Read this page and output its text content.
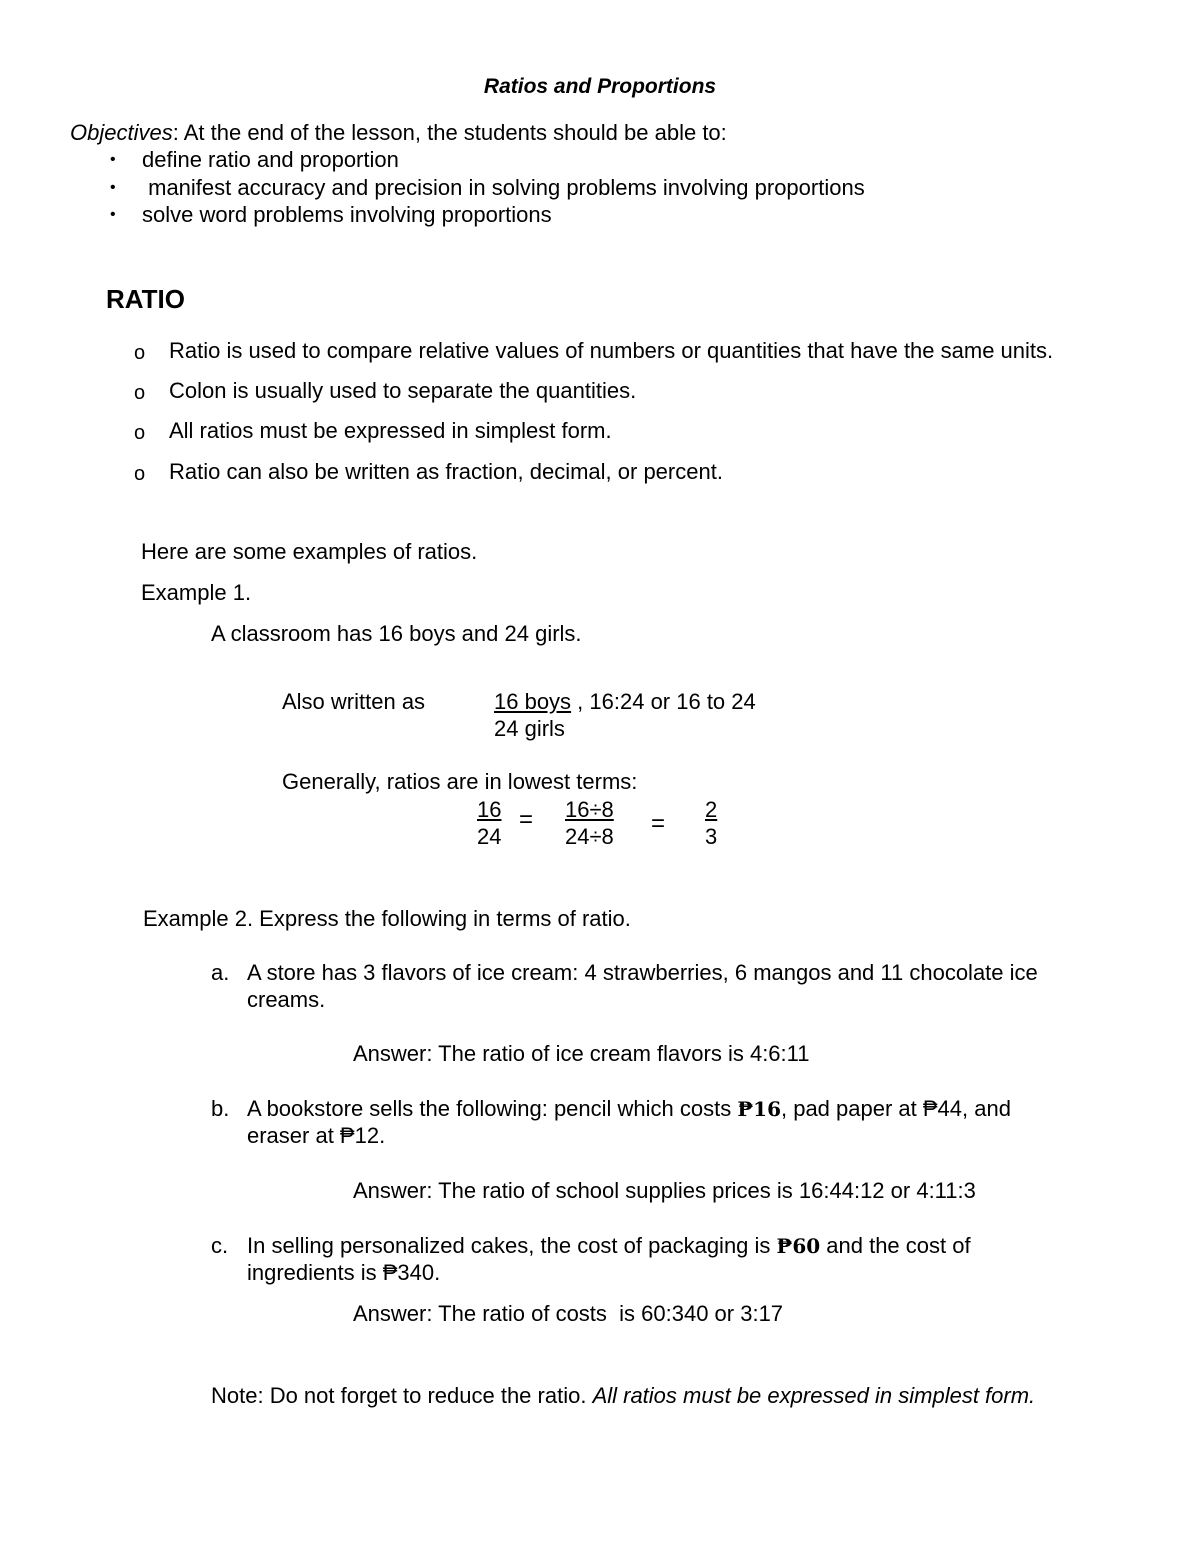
Ratios and Proportions
Objectives: At the end of the lesson, the students should be able to:
• define ratio and proportion
• manifest accuracy and precision in solving problems involving proportions
• solve word problems involving proportions
RATIO
o Ratio is used to compare relative values of numbers or quantities that have the same units.
o Colon is usually used to separate the quantities.
o All ratios must be expressed in simplest form.
o Ratio can also be written as fraction, decimal, or percent.
Here are some examples of ratios.
Example 1.
A classroom has 16 boys and 24 girls.
Also written as	16 boys , 16:24 or 16 to 24
24 girls
Generally, ratios are in lowest terms:
16
24
= 16÷8
24÷8 =
2
3
Example 2. Express the following in terms of ratio.
a. A store has 3 flavors of ice cream: 4 strawberries, 6 mangos and 11 chocolate ice
creams.
Answer: The ratio of ice cream flavors is 4:6:11
b. A bookstore sells the following: pencil which costs ₱16, pad paper at ₱44, and
eraser at ₱12.
Answer: The ratio of school supplies prices is 16:44:12 or 4:11:3
c. In selling personalized cakes, the cost of packaging is ₱60 and the cost of
ingredients is ₱340.
Answer: The ratio of costs  is 60:340 or 3:17
Note: Do not forget to reduce the ratio. All ratios must be expressed in simplest form.
